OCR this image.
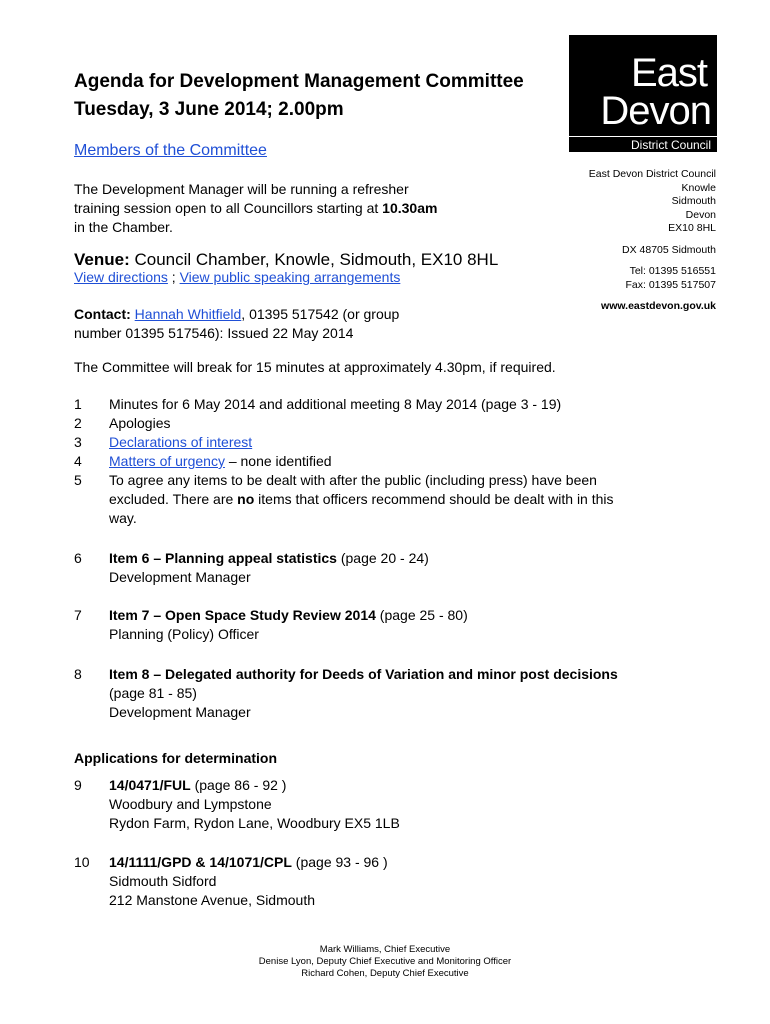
Agenda for Development Management Committee
Tuesday, 3 June 2014; 2.00pm
East
Devon
District Council
East Devon District Council
Knowle
Sidmouth
Devon
EX10 8HL
DX 48705 Sidmouth
Tel: 01395 516551
Fax: 01395 517507
www.eastdevon.gov.uk
Members of the Committee
The Development Manager will be running a refresher
training session open to all Councillors starting at 10.30am
in the Chamber.
Venue: Council Chamber, Knowle, Sidmouth, EX10 8HL
View directions ; View public speaking arrangements
Contact: Hannah Whitfield, 01395 517542 (or group
number 01395 517546): Issued 22 May 2014
The Committee will break for 15 minutes at approximately 4.30pm, if required.
1 Minutes for 6 May 2014 and additional meeting 8 May 2014 (page 3 - 19)
2 Apologies
3 Declarations of interest
4 Matters of urgency – none identified
5 To agree any items to be dealt with after the public (including press) have been
excluded. There are no items that officers recommend should be dealt with in this
way.
6 Item 6 – Planning appeal statistics (page 20 - 24)
Development Manager
7 Item 7 – Open Space Study Review 2014 (page 25 - 80)
Planning (Policy) Officer
8 Item 8 – Delegated authority for Deeds of Variation and minor post decisions
(page 81 - 85)
Development Manager
Applications for determination
9 14/0471/FUL (page 86 - 92 )
Woodbury and Lympstone
Rydon Farm, Rydon Lane, Woodbury EX5 1LB
10 14/1111/GPD & 14/1071/CPL (page 93 - 96 )
Sidmouth Sidford
212 Manstone Avenue, Sidmouth
Mark Williams, Chief Executive
Denise Lyon, Deputy Chief Executive and Monitoring Officer
Richard Cohen, Deputy Chief Executive
